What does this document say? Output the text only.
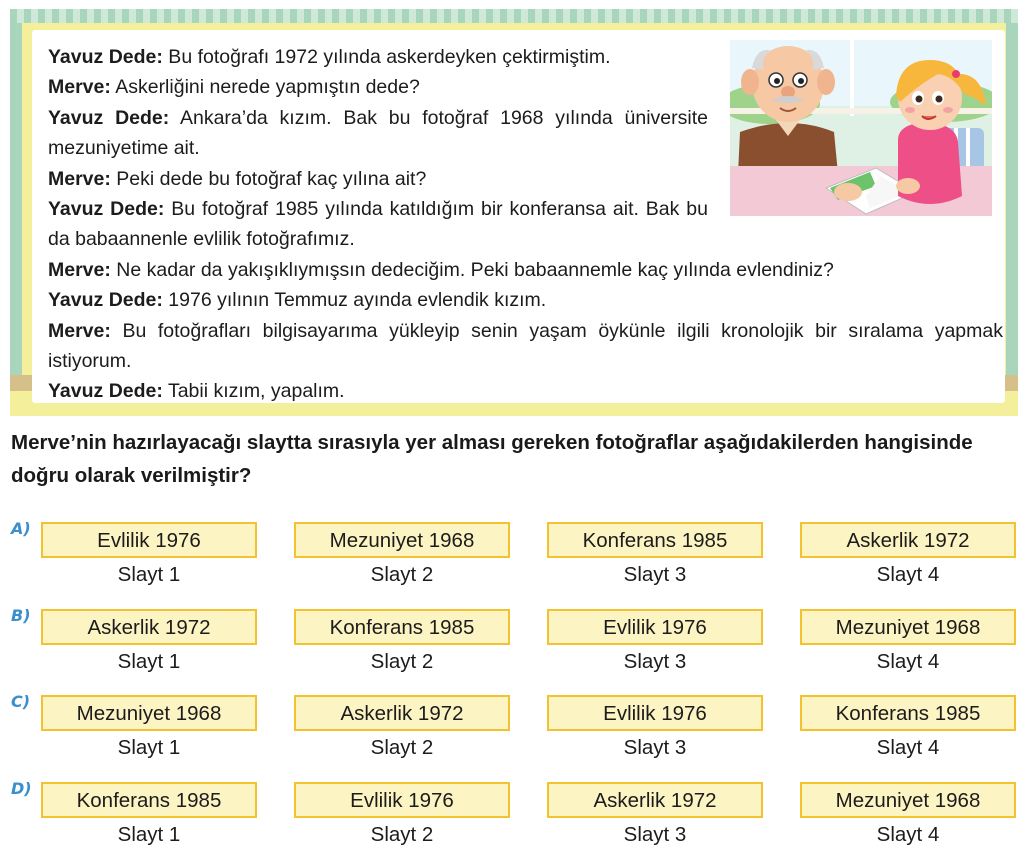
Yavuz Dede: Bu fotoğrafı 1972 yılında askerdeyken çektirmiştim.
Merve: Askerliğini nerede yapmıştın dede?
Yavuz Dede: Ankara’da kızım. Bak bu fotoğraf 1968 yılında üniversite mezuniyetime ait.
Merve: Peki dede bu fotoğraf kaç yılına ait?
Yavuz Dede: Bu fotoğraf 1985 yılında katıldığım bir konferansa ait. Bak bu da babaannenle evlilik fotoğrafımız.
Merve: Ne kadar da yakışıklıymışsın dedeciğim. Peki babaannemle kaç yılında evlendiniz?
Yavuz Dede: 1976 yılının Temmuz ayında evlendik kızım.
Merve: Bu fotoğrafları bilgisayarıma yükleyip senin yaşam öykünle ilgili kronolojik bir sıralama yapmak istiyorum.
Yavuz Dede: Tabii kızım, yapalım.
Merve’nin hazırlayacağı slaytta sırasıyla yer alması gereken fotoğraflar aşağıdakilerden hangisinde doğru olarak verilmiştir?
A)
Evlilik 1976
Slayt 1
Mezuniyet 1968
Slayt 2
Konferans 1985
Slayt 3
Askerlik 1972
Slayt 4
B)
Askerlik 1972
Slayt 1
Konferans 1985
Slayt 2
Evlilik 1976
Slayt 3
Mezuniyet 1968
Slayt 4
C)
Mezuniyet 1968
Slayt 1
Askerlik 1972
Slayt 2
Evlilik 1976
Slayt 3
Konferans 1985
Slayt 4
D)
Konferans 1985
Slayt 1
Evlilik 1976
Slayt 2
Askerlik 1972
Slayt 3
Mezuniyet 1968
Slayt 4
